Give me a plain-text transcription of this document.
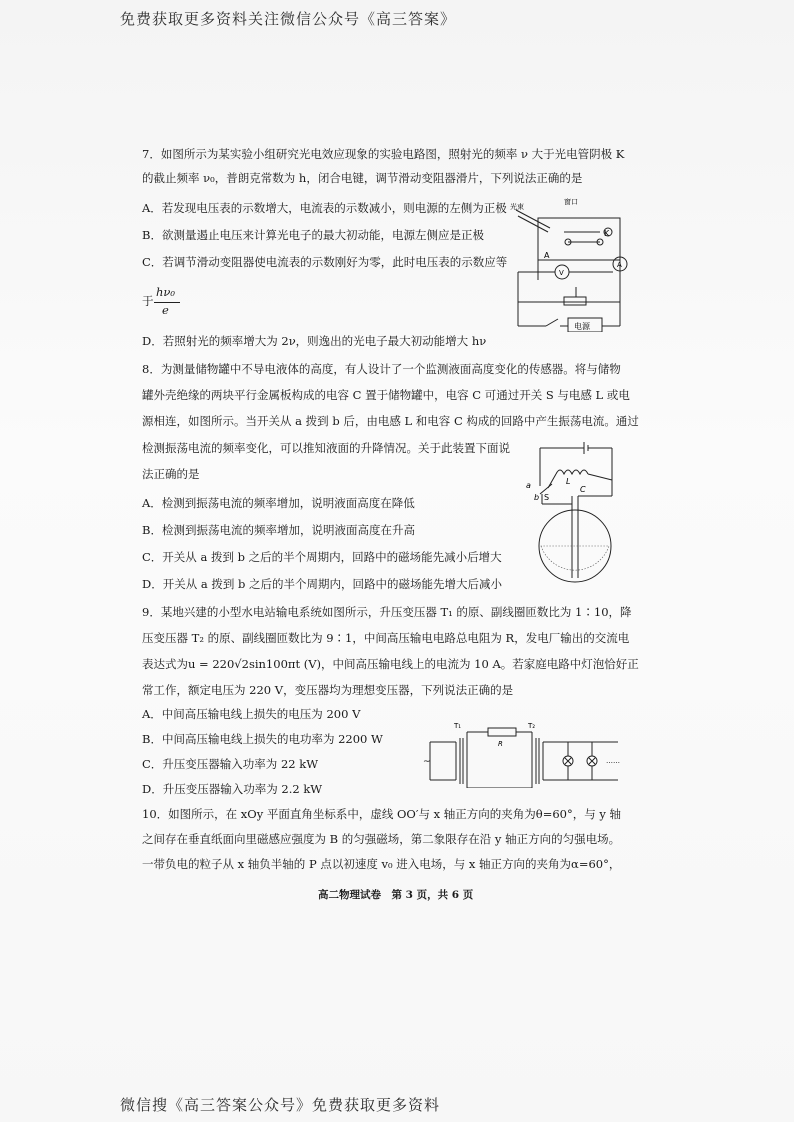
免费获取更多资料关注微信公众号《高三答案》
7．如图所示为某实验小组研究光电效应现象的实验电路图，照射光的频率 ν 大于光电管阴极 K
的截止频率 ν₀，普朗克常数为 h，闭合电键，调节滑动变阻器滑片，下列说法正确的是
A．若发现电压表的示数增大，电流表的示数减小，则电源的左侧为正极
B．欲测量遏止电压来计算光电子的最大初动能，电源左侧应是正极
C．若调节滑动变阻器使电流表的示数刚好为零，此时电压表的示数应等
于
hν₀
e
D．若照射光的频率增大为 2ν，则逸出的光电子最大初动能增大 hν
光束
窗口
K
A
V
A
电源
8．为测量储物罐中不导电液体的高度，有人设计了一个监测液面高度变化的传感器。将与储物
罐外壳绝缘的两块平行金属板构成的电容 C 置于储物罐中，电容 C 可通过开关 S 与电感 L 或电
源相连，如图所示。当开关从 a 拨到 b 后，由电感 L 和电容 C 构成的回路中产生振荡电流。通过
检测振荡电流的频率变化，可以推知液面的升降情况。关于此装置下面说
法正确的是
A．检测到振荡电流的频率增加，说明液面高度在降低
B．检测到振荡电流的频率增加，说明液面高度在升高
C．开关从 a 拨到 b 之后的半个周期内，回路中的磁场能先减小后增大
D．开关从 a 拨到 b 之后的半个周期内，回路中的磁场能先增大后减小
a
b S
L
C
9．某地兴建的小型水电站输电系统如图所示，升压变压器 T₁ 的原、副线圈匝数比为 1∶10，降
压变压器 T₂ 的原、副线圈匝数比为 9∶1，中间高压输电电路总电阻为 R，发电厂输出的交流电
表达式为u = 220√2sin100πt (V)，中间高压输电线上的电流为 10 A。若家庭电路中灯泡恰好正
常工作，额定电压为 220 V，变压器均为理想变压器，下列说法正确的是
A．中间高压输电线上损失的电压为 200 V
B．中间高压输电线上损失的电功率为 2200 W
C．升压变压器输入功率为 22 kW
D．升压变压器输入功率为 2.2 kW
T₁
R
T₂
~	……
10．如图所示，在 xOy 平面直角坐标系中，虚线 OO′与 x 轴正方向的夹角为θ=60°，与 y 轴
之间存在垂直纸面向里磁感应强度为 B 的匀强磁场，第二象限存在沿 y 轴正方向的匀强电场。
一带负电的粒子从 x 轴负半轴的 P 点以初速度 v₀ 进入电场，与 x 轴正方向的夹角为α=60°，
高二物理试卷　第 3 页，共 6 页
微信搜《高三答案公众号》免费获取更多资料
